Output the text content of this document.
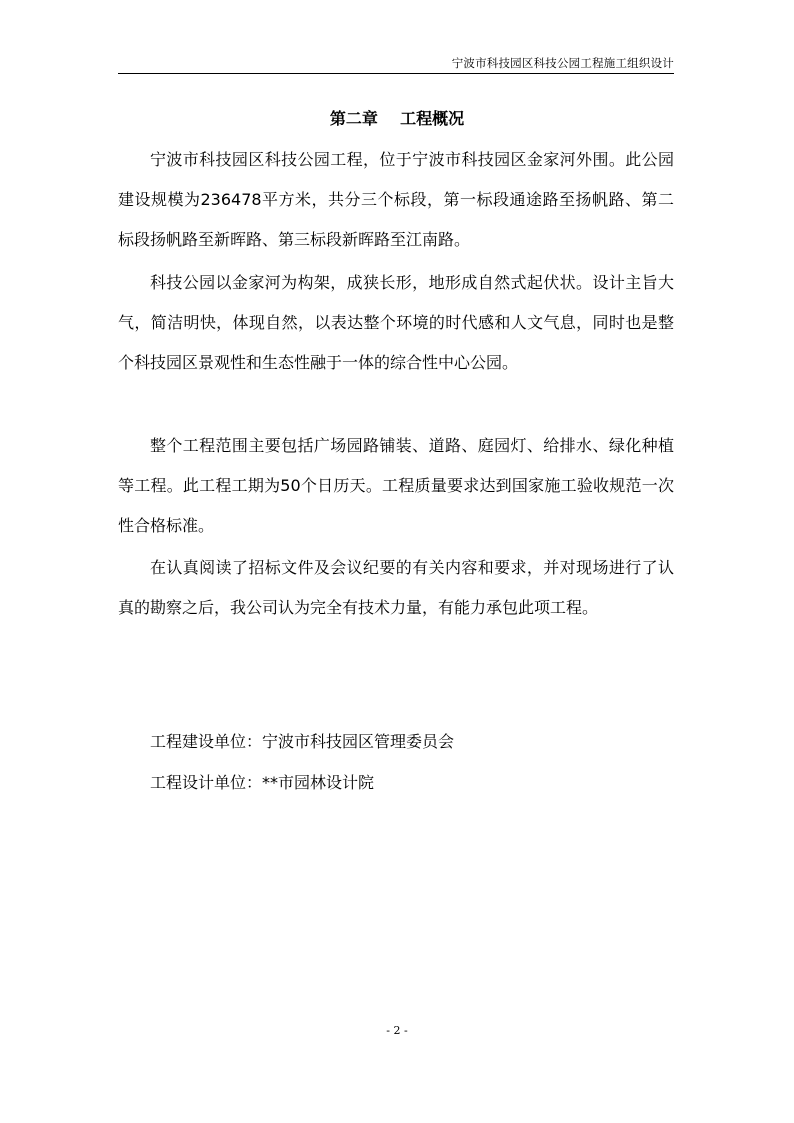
宁波市科技园区科技公园工程施工组织设计
第二章    工程概况

宁波市科技园区科技公园工程，位于宁波市科技园区金家河外围。此公园建设规模为236478平方米，共分三个标段，第一标段通途路至扬帆路、第二标段扬帆路至新晖路、第三标段新晖路至江南路。

科技公园以金家河为构架，成狭长形，地形成自然式起伏状。设计主旨大气，简洁明快，体现自然，以表达整个环境的时代感和人文气息，同时也是整个科技园区景观性和生态性融于一体的综合性中心公园。

整个工程范围主要包括广场园路铺装、道路、庭园灯、给排水、绿化种植等工程。此工程工期为50个日历天。工程质量要求达到国家施工验收规范一次性合格标准。

在认真阅读了招标文件及会议纪要的有关内容和要求，并对现场进行了认真的勘察之后，我公司认为完全有技术力量，有能力承包此项工程。

工程建设单位：宁波市科技园区管理委员会
工程设计单位：**市园林设计院
- 2 -
